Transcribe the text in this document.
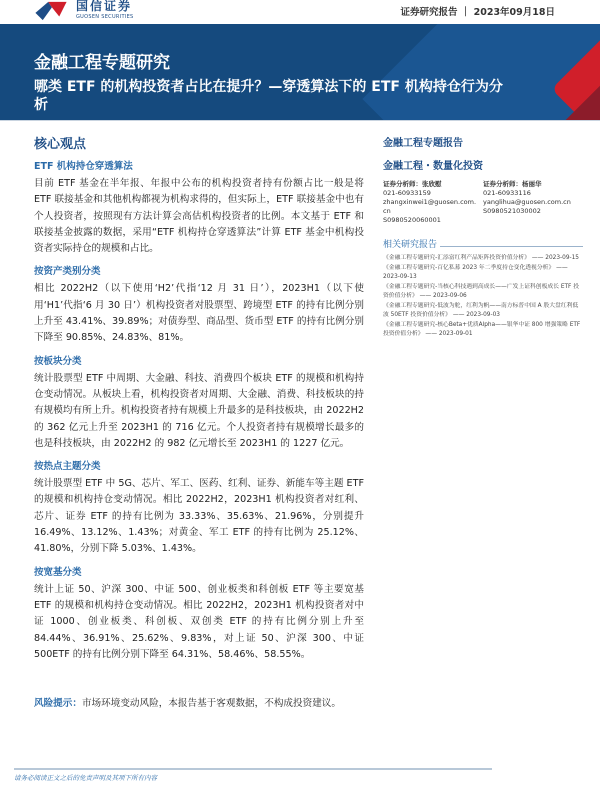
国信证券
GUOSEN SECURITIES	证券研究报告 ｜ 2023年09月18日
金融工程专题研究
哪类 ETF 的机构投资者占比在提升？—穿透算法下的 ETF 机构持仓行为分析
核心观点
ETF 机构持仓穿透算法
目前 ETF 基金在半年报、年报中公布的机构投资者持有份额占比一般是将 ETF 联接基金和其他机构都视为机构求得的，但实际上，ETF 联接基金中也有个人投资者，按照现有方法计算会高估机构投资者的比例。本文基于 ETF 和联接基金披露的数据，采用“ETF 机构持仓穿透算法”计算 ETF 基金中机构投资者实际持仓的规模和占比。
按资产类别分类
相比 2022H2（以下使用‘H2’代指‘12 月 31 日’），2023H1（以下使用‘H1’代指‘6 月 30 日’）机构投资者对股票型、跨境型 ETF 的持有比例分别上升至 43.41%、39.89%；对债券型、商品型、货币型 ETF 的持有比例分别下降至 90.85%、24.83%、81%。
按板块分类
统计股票型 ETF 中周期、大金融、科技、消费四个板块 ETF 的规模和机构持仓变动情况。从板块上看，机构投资者对周期、大金融、消费、科技板块的持有规模均有所上升。机构投资者持有规模上升最多的是科技板块，由 2022H2 的 362 亿元上升至 2023H1 的 716 亿元。个人投资者持有规模增长最多的也是科技板块，由 2022H2 的 982 亿元增长至 2023H1 的 1227 亿元。
按热点主题分类
统计股票型 ETF 中 5G、芯片、军工、医药、红利、证券、新能车等主题 ETF 的规模和机构持仓变动情况。相比 2022H2，2023H1 机构投资者对红利、芯片、证券 ETF 的持有比例为 33.33%、35.63%、21.96%，分别提升 16.49%、13.12%、1.43%；对黄金、军工 ETF 的持有比例为 25.12%、41.80%，分别下降 5.03%、1.43%。
按宽基分类
统计上证 50、沪深 300、中证 500、创业板类和科创板 ETF 等主要宽基 ETF 的规模和机构持仓变动情况。相比 2022H2，2023H1 机构投资者对中证 1000、创业板类、科创板、双创类 ETF 的持有比例分别上升至 84.44%、36.91%、25.62%、9.83%，对上证 50、沪深 300、中证 500ETF 的持有比例分别下降至 64.31%、58.46%、58.55%。
风险提示：市场环境变动风险，本报告基于客观数据，不构成投资建议。
金融工程专题报告
金融工程・数量化投资
证券分析师：张欣慰
021-60933159
zhangxinwei1@guosen.com.cn
S0980520060001
证券分析师：杨丽华
021-60933116
yanglihua@guosen.com.cn
S0980521030002
相关研究报告
《金融工程专题研究-汇添富红利产品矩阵投资价值分析》 —— 2023-09-15
《金融工程专题研究-百亿私募 2023 年二季度持仓变化透视分析》 —— 2023-09-13
《金融工程专题研究-当核心科技遇到高成长——广发上证科创板成长 ETF 投资价值分析》 —— 2023-09-06
《金融工程专题研究-低波为舵，红利为帆——南方标普中国 A 股大盘红利低波 50ETF 投资价值分析》 —— 2023-09-03
《金融工程专题研究-核心Beta+优质Alpha——银华中证 800 增强策略 ETF 投资价值分析》 —— 2023-09-01
请务必阅读正文之后的免责声明及其项下所有内容
